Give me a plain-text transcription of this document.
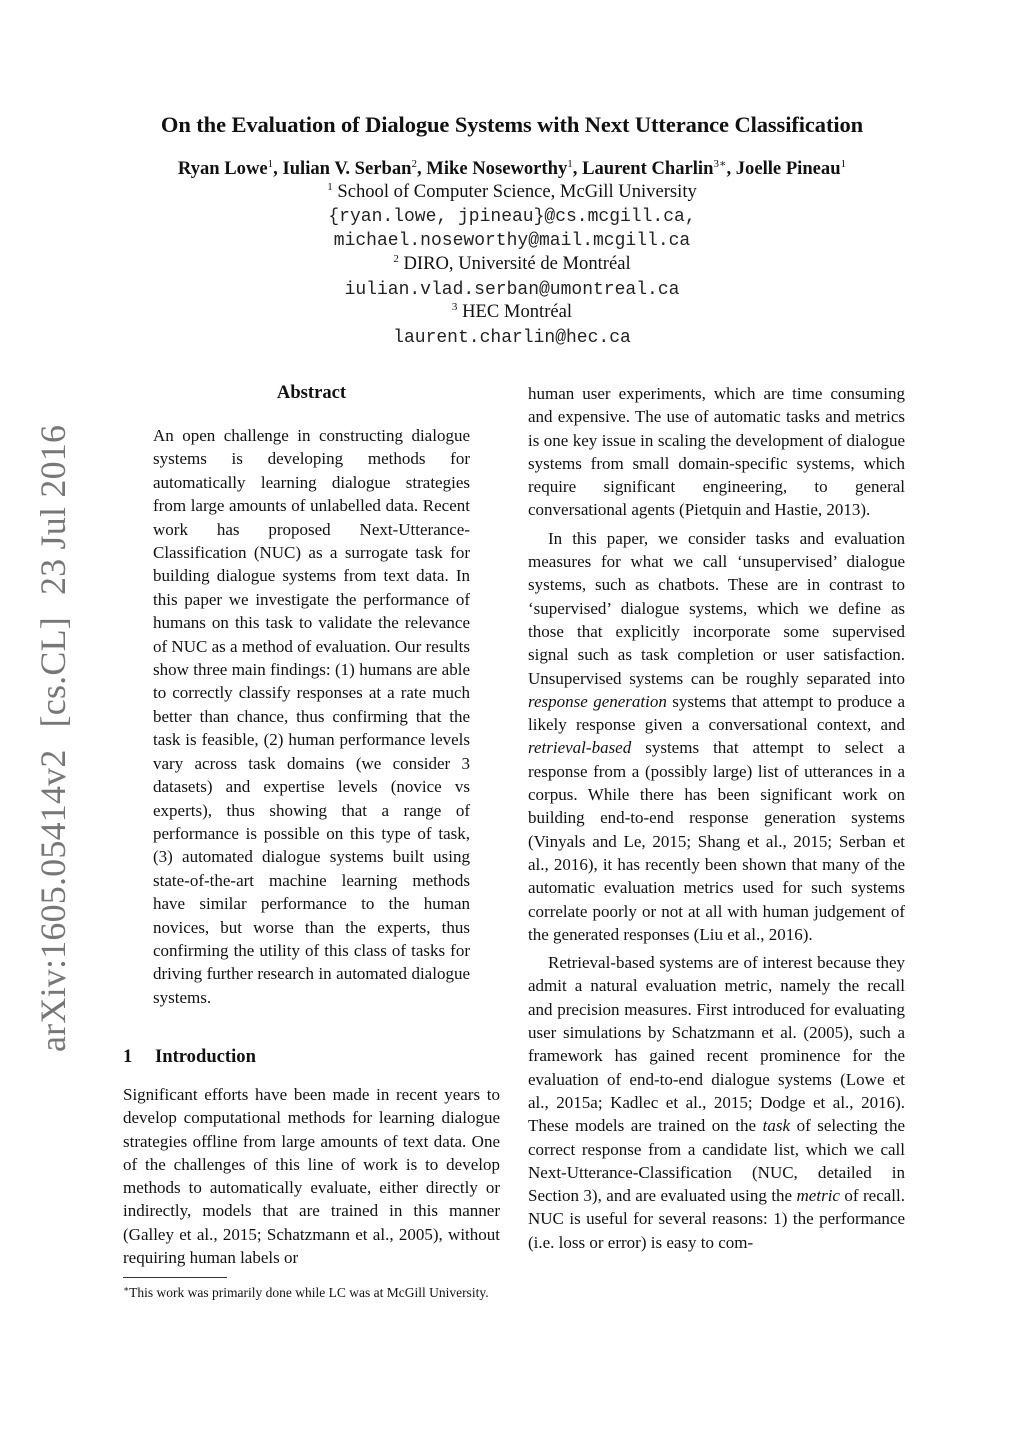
arXiv:1605.05414v2[cs.CL]23 Jul 2016
On the Evaluation of Dialogue Systems with Next Utterance Classification
Ryan Lowe$^1$, Iulian V. Serban$^2$, Mike Noseworthy$^1$, Laurent Charlin$^{3∗}$, Joelle Pineau$^1$
$^1$ School of Computer Science, McGill University
{ryan.lowe, jpineau}@cs.mcgill.ca,
michael.noseworthy@mail.mcgill.ca
$^2$ DIRO, Université de Montréal
iulian.vlad.serban@umontreal.ca
$^3$ HEC Montréal
laurent.charlin@hec.ca
Abstract
An open challenge in constructing dialogue systems is developing methods for automatically learning dialogue strategies from large amounts of unlabelled data. Recent work has proposed Next-Utterance-Classification (NUC) as a surrogate task for building dialogue systems from text data. In this paper we investigate the performance of humans on this task to validate the relevance of NUC as a method of evaluation. Our results show three main findings: (1) humans are able to correctly classify responses at a rate much better than chance, thus confirming that the task is feasible, (2) human performance levels vary across task domains (we consider 3 datasets) and expertise levels (novice vs experts), thus showing that a range of performance is possible on this type of task, (3) automated dialogue systems built using state-of-the-art machine learning methods have similar performance to the human novices, but worse than the experts, thus confirming the utility of this class of tasks for driving further research in automated dialogue systems.
1 Introduction
Significant efforts have been made in recent years to develop computational methods for learning dialogue strategies offline from large amounts of text data. One of the challenges of this line of work is to develop methods to automatically evaluate, either directly or indirectly, models that are trained in this manner (Galley et al., 2015; Schatzmann et al., 2005), without requiring human labels or
∗This work was primarily done while LC was at McGill University.

human user experiments, which are time consuming and expensive. The use of automatic tasks and metrics is one key issue in scaling the development of dialogue systems from small domain-specific systems, which require significant engineering, to general conversational agents (Pietquin and Hastie, 2013).

In this paper, we consider tasks and evaluation measures for what we call ‘unsupervised’ dialogue systems, such as chatbots. These are in contrast to ‘supervised’ dialogue systems, which we define as those that explicitly incorporate some supervised signal such as task completion or user satisfaction. Unsupervised systems can be roughly separated into response generation systems that attempt to produce a likely response given a conversational context, and retrieval-based systems that attempt to select a response from a (possibly large) list of utterances in a corpus. While there has been significant work on building end-to-end response generation systems (Vinyals and Le, 2015; Shang et al., 2015; Serban et al., 2016), it has recently been shown that many of the automatic evaluation metrics used for such systems correlate poorly or not at all with human judgement of the generated responses (Liu et al., 2016).

Retrieval-based systems are of interest because they admit a natural evaluation metric, namely the recall and precision measures. First introduced for evaluating user simulations by Schatzmann et al. (2005), such a framework has gained recent prominence for the evaluation of end-to-end dialogue systems (Lowe et al., 2015a; Kadlec et al., 2015; Dodge et al., 2016). These models are trained on the task of selecting the correct response from a candidate list, which we call Next-Utterance-Classification (NUC, detailed in Section 3), and are evaluated using the metric of recall. NUC is useful for several reasons: 1) the performance (i.e. loss or error) is easy to com-
